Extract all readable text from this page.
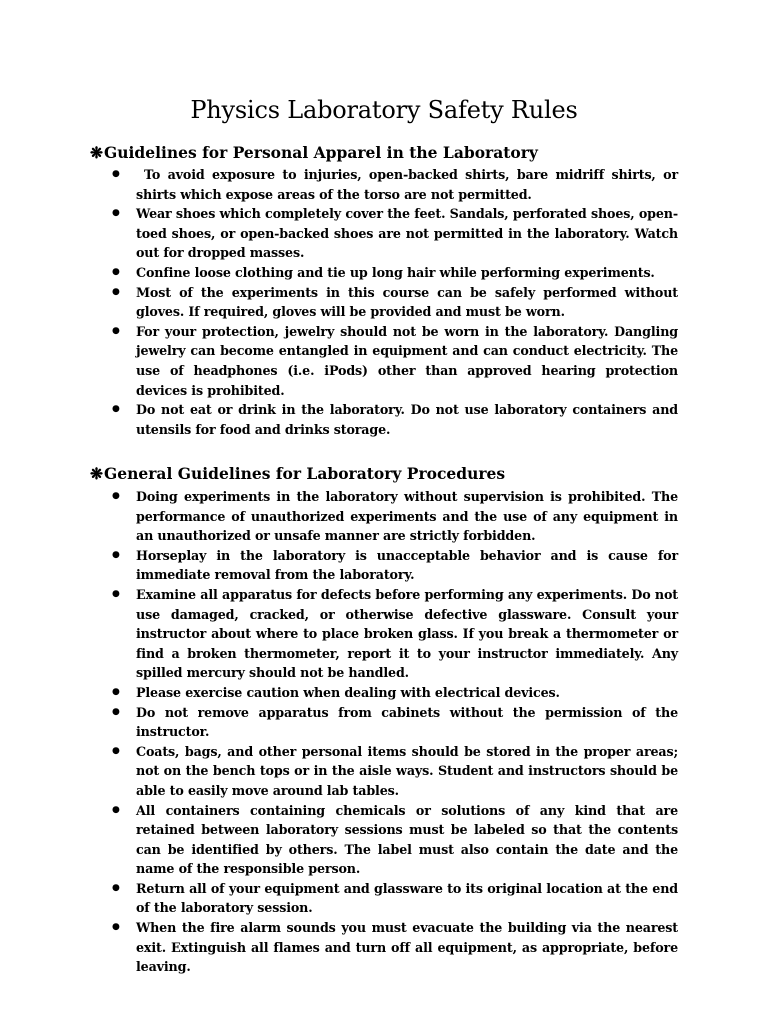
Physics Laboratory Safety Rules
❋Guidelines for Personal Apparel in the Laboratory
●	To avoid exposure to injuries, open-backed shirts, bare midriff shirts, or shirts which expose areas of the torso are not permitted.
● Wear shoes which completely cover the feet. Sandals, perforated shoes, open-toed shoes, or open-backed shoes are not permitted in the laboratory. Watch out for dropped masses.
● Confine loose clothing and tie up long hair while performing experiments.
● Most of the experiments in this course can be safely performed without gloves. If required, gloves will be provided and must be worn.
● For your protection, jewelry should not be worn in the laboratory. Dangling jewelry can become entangled in equipment and can conduct electricity. The use of headphones (i.e. iPods) other than approved hearing protection devices is prohibited.
● Do not eat or drink in the laboratory. Do not use laboratory containers and utensils for food and drinks storage.
❋General Guidelines for Laboratory Procedures
● Doing experiments in the laboratory without supervision is prohibited. The performance of unauthorized experiments and the use of any equipment in an unauthorized or unsafe manner are strictly forbidden.
● Horseplay in the laboratory is unacceptable behavior and is cause for immediate removal from the laboratory.
● Examine all apparatus for defects before performing any experiments. Do not use damaged, cracked, or otherwise defective glassware. Consult your instructor about where to place broken glass. If you break a thermometer or find a broken thermometer, report it to your instructor immediately. Any spilled mercury should not be handled.
● Please exercise caution when dealing with electrical devices.
● Do not remove apparatus from cabinets without the permission of the instructor.
● Coats, bags, and other personal items should be stored in the proper areas; not on the bench tops or in the aisle ways. Student and instructors should be able to easily move around lab tables.
● All containers containing chemicals or solutions of any kind that are retained between laboratory sessions must be labeled so that the contents can be identified by others. The label must also contain the date and the name of the responsible person.
● Return all of your equipment and glassware to its original location at the end of the laboratory session.
● When the fire alarm sounds you must evacuate the building via the nearest exit. Extinguish all flames and turn off all equipment, as appropriate, before leaving.
